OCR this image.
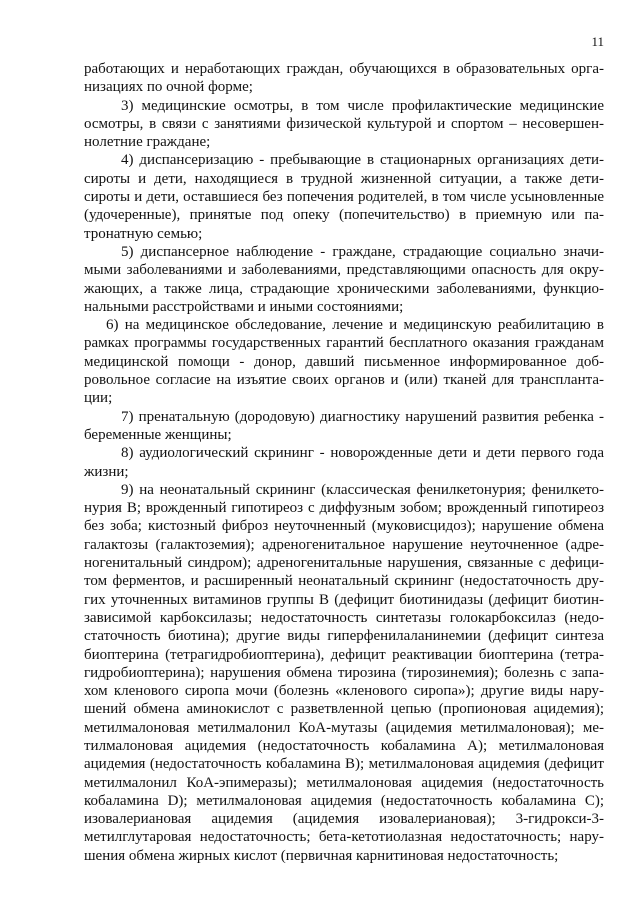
11

работающих и неработающих граждан, обучающихся в образовательных организациях по очной форме;

3) медицинские осмотры, в том числе профилактические медицинские осмотры, в связи с занятиями физической культурой и спортом – несовершеннолетние граждане;

4) диспансеризацию - пребывающие в стационарных организациях дети-сироты и дети, находящиеся в трудной жизненной ситуации, а также дети-сироты и дети, оставшиеся без попечения родителей, в том числе усыновленные (удочеренные), принятые под опеку (попечительство) в приемную или патронатную семью;

5) диспансерное наблюдение - граждане, страдающие социально значимыми заболеваниями и заболеваниями, представляющими опасность для окружающих, а также лица, страдающие хроническими заболеваниями, функциональными расстройствами и иными состояниями;

6) на медицинское обследование, лечение и медицинскую реабилитацию в рамках программы государственных гарантий бесплатного оказания гражданам медицинской помощи - донор, давший письменное информированное добровольное согласие на изъятие своих органов и (или) тканей для трансплантации;

7) пренатальную (дородовую) диагностику нарушений развития ребенка - беременные женщины;

8) аудиологический скрининг - новорожденные дети и дети первого года жизни;

9) на неонатальный скрининг (классическая фенилкетонурия; фенилкетонурия B; врожденный гипотиреоз с диффузным зобом; врожденный гипотиреоз без зоба; кистозный фиброз неуточненный (муковисцидоз); нарушение обмена галактозы (галактоземия); адреногенитальное нарушение неуточненное (адреногенитальный синдром); адреногенитальные нарушения, связанные с дефицитом ферментов, и расширенный неонатальный скрининг (недостаточность других уточненных витаминов группы B (дефицит биотинидазы (дефицит биотин-зависимой карбоксилазы; недостаточность синтетазы голокарбоксилаз (недостаточность биотина); другие виды гиперфенилаланинемии (дефицит синтеза биоптерина (тетрагидробиоптерина), дефицит реактивации биоптерина (тетрагидробиоптерина); нарушения обмена тирозина (тирозинемия); болезнь с запахом кленового сиропа мочи (болезнь «кленового сиропа»); другие виды нарушений обмена аминокислот с разветвленной цепью (пропионовая ацидемия); метилмалоновая метилмалонил КоА-мутазы (ацидемия метилмалоновая); метилмалоновая ацидемия (недостаточность кобаламина A); метилмалоновая ацидемия (недостаточность кобаламина B); метилмалоновая ацидемия (дефицит метилмалонил КоА-эпимеразы); метилмалоновая ацидемия (недостаточность кобаламина D); метилмалоновая ацидемия (недостаточность кобаламина C); изовалериановая ацидемия (ацидемия изовалериановая); 3-гидрокси-3-метилглутаровая недостаточность; бета-кетотиолазная недостаточность; нарушения обмена жирных кислот (первичная карнитиновая недостаточность;
